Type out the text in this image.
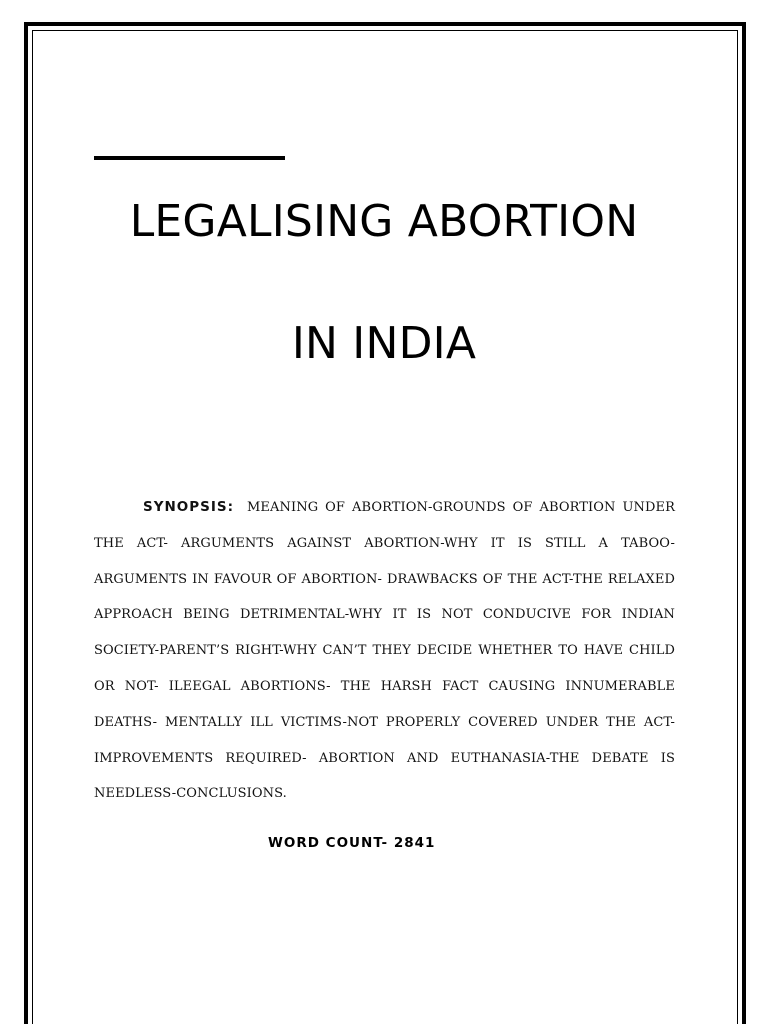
LEGALISING ABORTION
IN INDIA

SYNOPSIS: MEANING OF ABORTION-GROUNDS OF ABORTION UNDER THE ACT- ARGUMENTS AGAINST ABORTION-WHY IT IS STILL A TABOO-ARGUMENTS IN FAVOUR OF ABORTION- DRAWBACKS OF THE ACT-THE RELAXED APPROACH BEING DETRIMENTAL-WHY IT IS NOT CONDUCIVE FOR INDIAN SOCIETY-PARENT’S RIGHT-WHY CAN’T THEY DECIDE WHETHER TO HAVE CHILD OR NOT- ILEEGAL ABORTIONS- THE HARSH FACT CAUSING INNUMERABLE DEATHS- MENTALLY ILL VICTIMS-NOT PROPERLY COVERED UNDER THE ACT-IMPROVEMENTS REQUIRED- ABORTION AND EUTHANASIA-THE DEBATE IS NEEDLESS-CONCLUSIONS.

WORD COUNT- 2841
